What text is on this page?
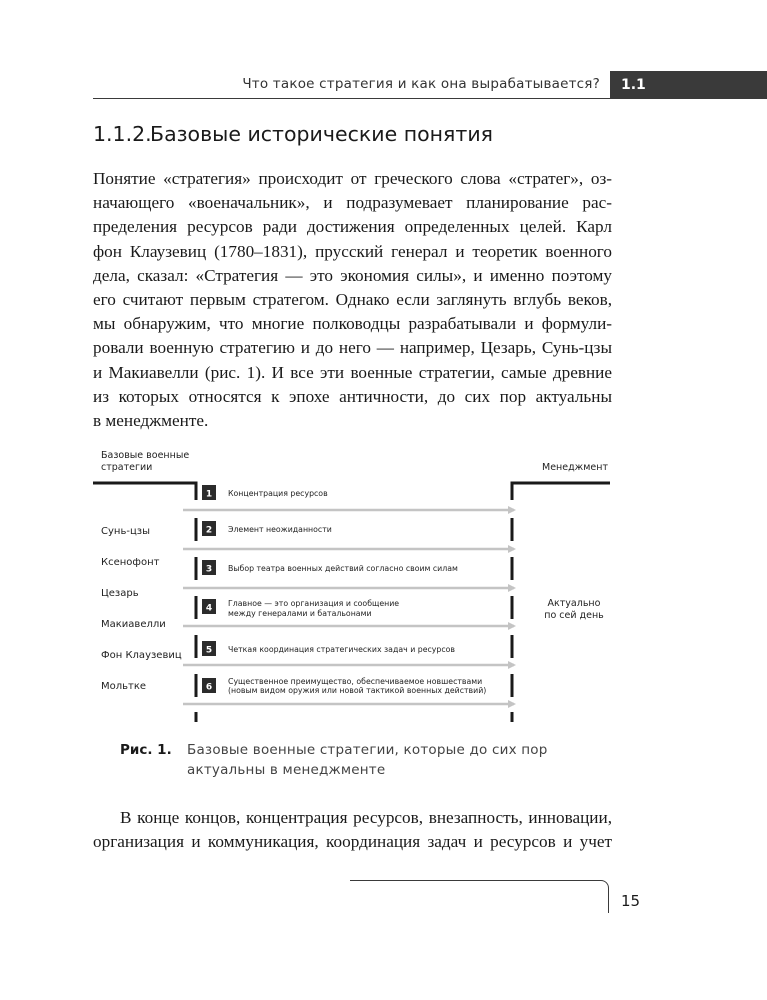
Что такое стратегия и как она вырабатывается?	1.1
1.1.2.Базовые исторические понятия
Понятие «стратегия» происходит от греческого слова «стратег», оз-
начающего «военачальник», и подразумевает планирование рас-
пределения ресурсов ради достижения определенных целей. Карл
фон Клаузевиц (1780–1831), прусский генерал и теоретик военного
дела, сказал: «Стратегия — это экономия силы», и именно поэтому
его считают первым стратегом. Однако если заглянуть вглубь веков,
мы обнаружим, что многие полководцы разрабатывали и формули-
ровали военную стратегию и до него — например, Цезарь, Сунь-цзы
и Макиавелли (рис. 1). И все эти военные стратегии, самые древние
из которых относятся к эпохе античности, до сих пор актуальны
в менеджменте.
Базовые военные
стратегии	Менеджмент
1
2
3
4
5
6
Концентрация ресурсов
Элемент неожиданности
Выбор театра военных действий согласно своим силам
Главное — это организация и сообщение
между генералами и батальонами
Четкая координация стратегических задач и ресурсов
Существенное преимущество, обеспечиваемое новшествами
(новым видом оружия или новой тактикой военных действий)
Сунь-цзы
Ксенофонт
Цезарь
Макиавелли
Фон Клаузевиц
Мольтке
Актуально
по сей день
Рис. 1. Базовые военные стратегии, которые до сих пор актуальны в менеджменте
В конце концов, концентрация ресурсов, внезапность, инновации,
организация и коммуникация, координация задач и ресурсов и учет
15
